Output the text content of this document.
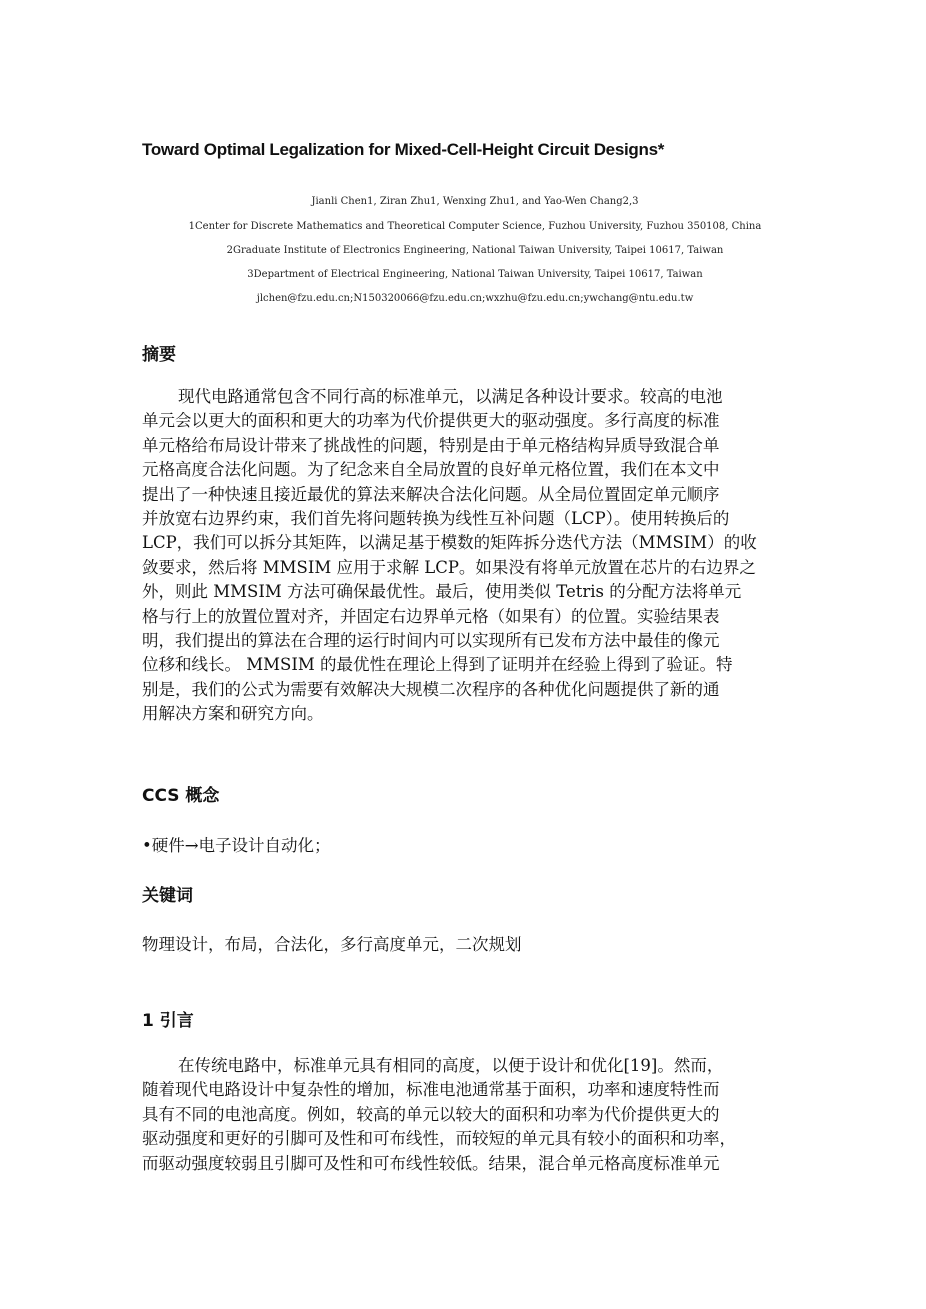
Toward Optimal Legalization for Mixed-Cell-Height Circuit Designs*
Jianli Chen1, Ziran Zhu1, Wenxing Zhu1, and Yao-Wen Chang2,3
1Center for Discrete Mathematics and Theoretical Computer Science, Fuzhou University, Fuzhou 350108, China
2Graduate Institute of Electronics Engineering, National Taiwan University, Taipei 10617, Taiwan
3Department of Electrical Engineering, National Taiwan University, Taipei 10617, Taiwan
jlchen@fzu.edu.cn;N150320066@fzu.edu.cn;wxzhu@fzu.edu.cn;ywchang@ntu.edu.tw
摘要
现代电路通常包含不同行高的标准单元，以满足各种设计要求。较高的电池
单元会以更大的面积和更大的功率为代价提供更大的驱动强度。多行高度的标准
单元格给布局设计带来了挑战性的问题，特别是由于单元格结构异质导致混合单
元格高度合法化问题。为了纪念来自全局放置的良好单元格位置，我们在本文中
提出了一种快速且接近最优的算法来解决合法化问题。从全局位置固定单元顺序
并放宽右边界约束，我们首先将问题转换为线性互补问题（LCP）。使用转换后的
LCP，我们可以拆分其矩阵，以满足基于模数的矩阵拆分迭代方法（MMSIM）的收
敛要求，然后将 MMSIM 应用于求解 LCP。如果没有将单元放置在芯片的右边界之
外，则此 MMSIM 方法可确保最优性。最后，使用类似 Tetris 的分配方法将单元
格与行上的放置位置对齐，并固定右边界单元格（如果有）的位置。实验结果表
明，我们提出的算法在合理的运行时间内可以实现所有已发布方法中最佳的像元
位移和线长。 MMSIM 的最优性在理论上得到了证明并在经验上得到了验证。特
别是，我们的公式为需要有效解决大规模二次程序的各种优化问题提供了新的通
用解决方案和研究方向。
CCS 概念
•硬件→电子设计自动化；
关键词
物理设计，布局，合法化，多行高度单元，二次规划
1 引言
在传统电路中，标准单元具有相同的高度，以便于设计和优化[19]。然而，
随着现代电路设计中复杂性的增加，标准电池通常基于面积，功率和速度特性而
具有不同的电池高度。例如，较高的单元以较大的面积和功率为代价提供更大的
驱动强度和更好的引脚可及性和可布线性，而较短的单元具有较小的面积和功率，
而驱动强度较弱且引脚可及性和可布线性较低。结果，混合单元格高度标准单元
